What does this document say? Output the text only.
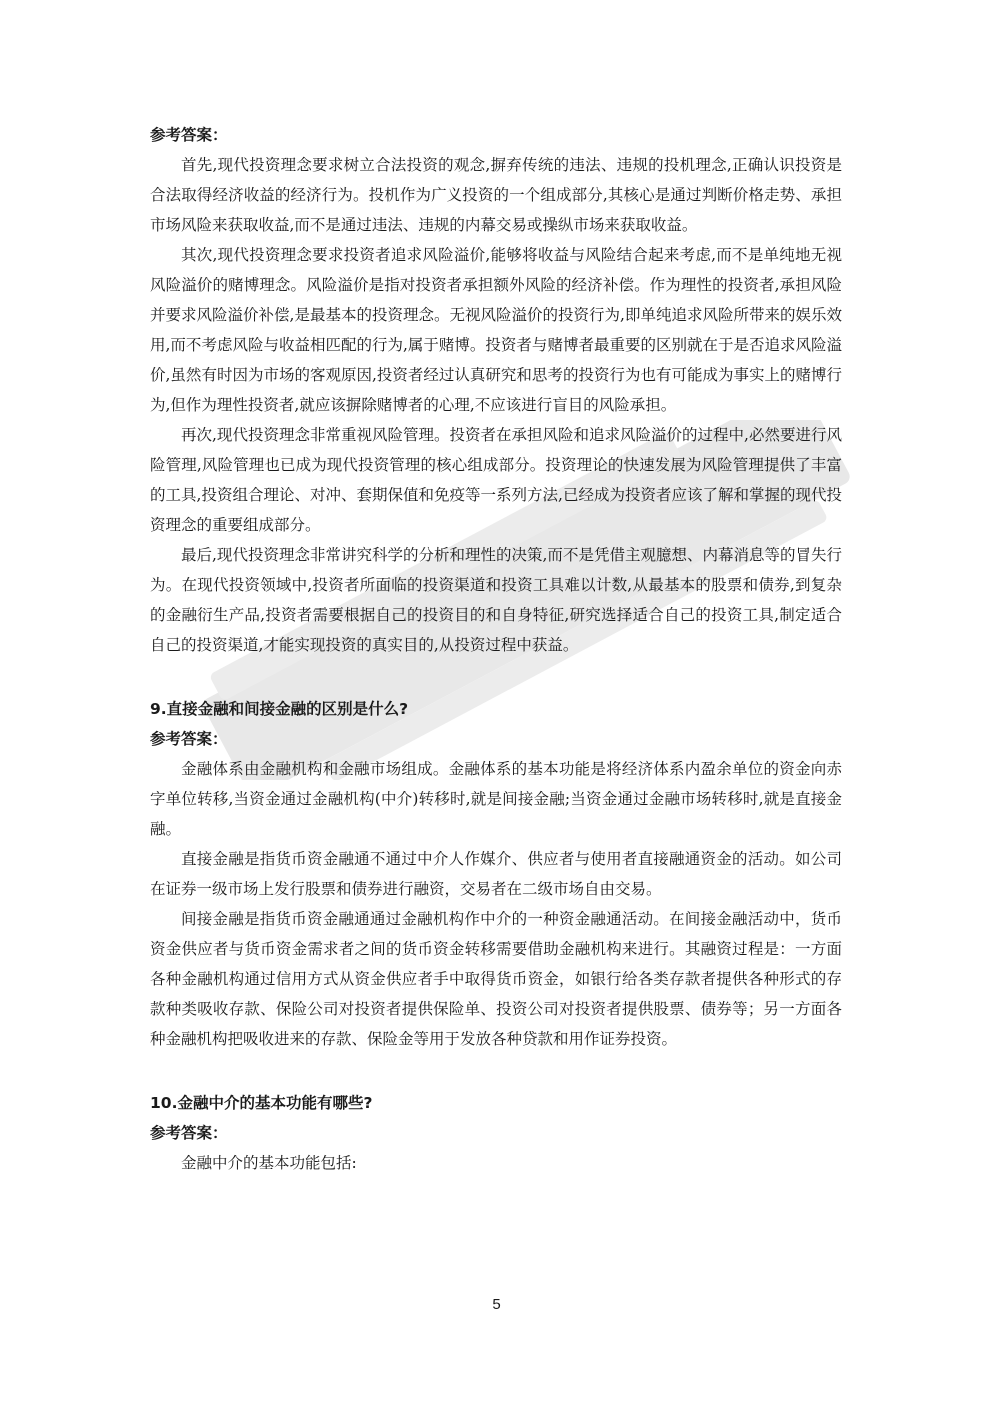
参考答案：

首先,现代投资理念要求树立合法投资的观念,摒弃传统的违法、违规的投机理念,正确认识投资是合法取得经济收益的经济行为。投机作为广义投资的一个组成部分,其核心是通过判断价格走势、承担市场风险来获取收益,而不是通过违法、违规的内幕交易或操纵市场来获取收益。

其次,现代投资理念要求投资者追求风险溢价,能够将收益与风险结合起来考虑,而不是单纯地无视风险溢价的赌博理念。风险溢价是指对投资者承担额外风险的经济补偿。作为理性的投资者,承担风险并要求风险溢价补偿,是最基本的投资理念。无视风险溢价的投资行为,即单纯追求风险所带来的娱乐效用,而不考虑风险与收益相匹配的行为,属于赌博。投资者与赌博者最重要的区别就在于是否追求风险溢价,虽然有时因为市场的客观原因,投资者经过认真研究和思考的投资行为也有可能成为事实上的赌博行为,但作为理性投资者,就应该摒除赌博者的心理,不应该进行盲目的风险承担。

再次,现代投资理念非常重视风险管理。投资者在承担风险和追求风险溢价的过程中,必然要进行风险管理,风险管理也已成为现代投资管理的核心组成部分。投资理论的快速发展为风险管理提供了丰富的工具,投资组合理论、对冲、套期保值和免疫等一系列方法,已经成为投资者应该了解和掌握的现代投资理念的重要组成部分。

最后,现代投资理念非常讲究科学的分析和理性的决策,而不是凭借主观臆想、内幕消息等的冒失行为。在现代投资领域中,投资者所面临的投资渠道和投资工具难以计数,从最基本的股票和债券,到复杂的金融衍生产品,投资者需要根据自己的投资目的和自身特征,研究选择适合自己的投资工具,制定适合自己的投资渠道,才能实现投资的真实目的,从投资过程中获益。

9.直接金融和间接金融的区别是什么?
参考答案：

金融体系由金融机构和金融市场组成。金融体系的基本功能是将经济体系内盈余单位的资金向赤字单位转移,当资金通过金融机构(中介)转移时,就是间接金融;当资金通过金融市场转移时,就是直接金融。

直接金融是指货币资金融通不通过中介人作媒介、供应者与使用者直接融通资金的活动。如公司在证券一级市场上发行股票和债券进行融资，交易者在二级市场自由交易。

间接金融是指货币资金融通通过金融机构作中介的一种资金融通活动。在间接金融活动中，货币资金供应者与货币资金需求者之间的货币资金转移需要借助金融机构来进行。其融资过程是：一方面各种金融机构通过信用方式从资金供应者手中取得货币资金，如银行给各类存款者提供各种形式的存款种类吸收存款、保险公司对投资者提供保险单、投资公司对投资者提供股票、债券等；另一方面各种金融机构把吸收进来的存款、保险金等用于发放各种贷款和用作证券投资。

10.金融中介的基本功能有哪些?
参考答案：

金融中介的基本功能包括:

5
